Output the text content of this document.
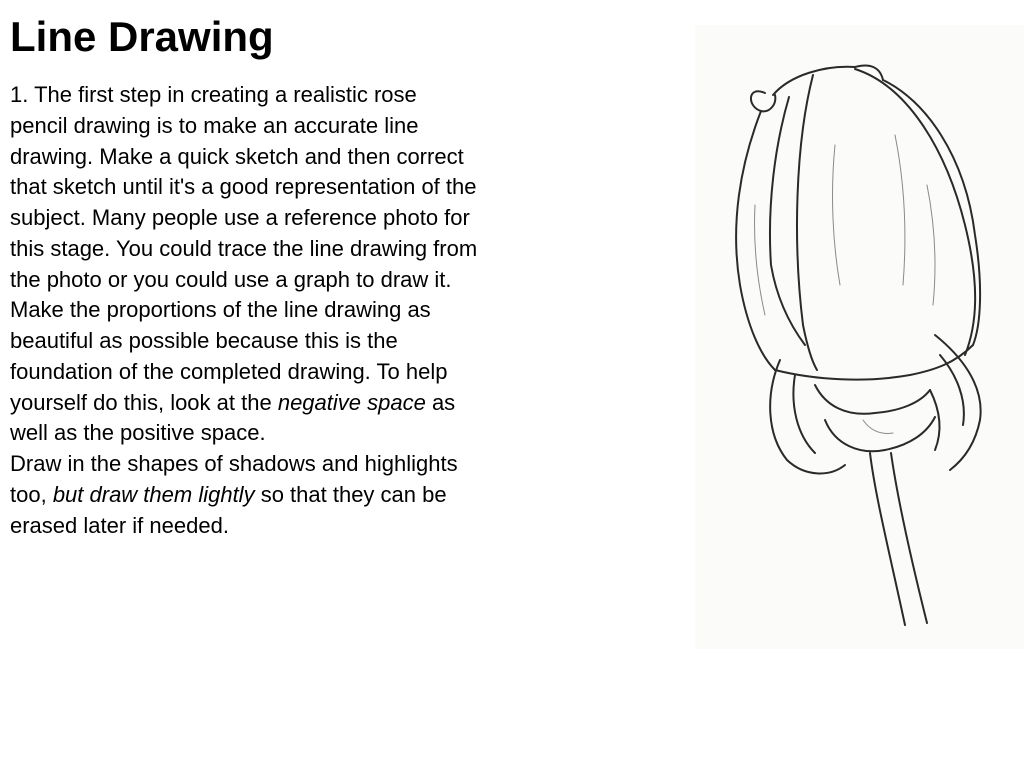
Line Drawing

1. The first step in creating a realistic rose pencil drawing is to make an accurate line drawing. Make a quick sketch and then correct that sketch until it's a good representation of the subject. Many people use a reference photo for this stage. You could trace the line drawing from the photo or you could use a graph to draw it.

Make the proportions of the line drawing as beautiful as possible because this is the foundation of the completed drawing. To help yourself do this, look at the negative space as well as the positive space.

Draw in the shapes of shadows and highlights too, but draw them lightly so that they can be erased later if needed.
